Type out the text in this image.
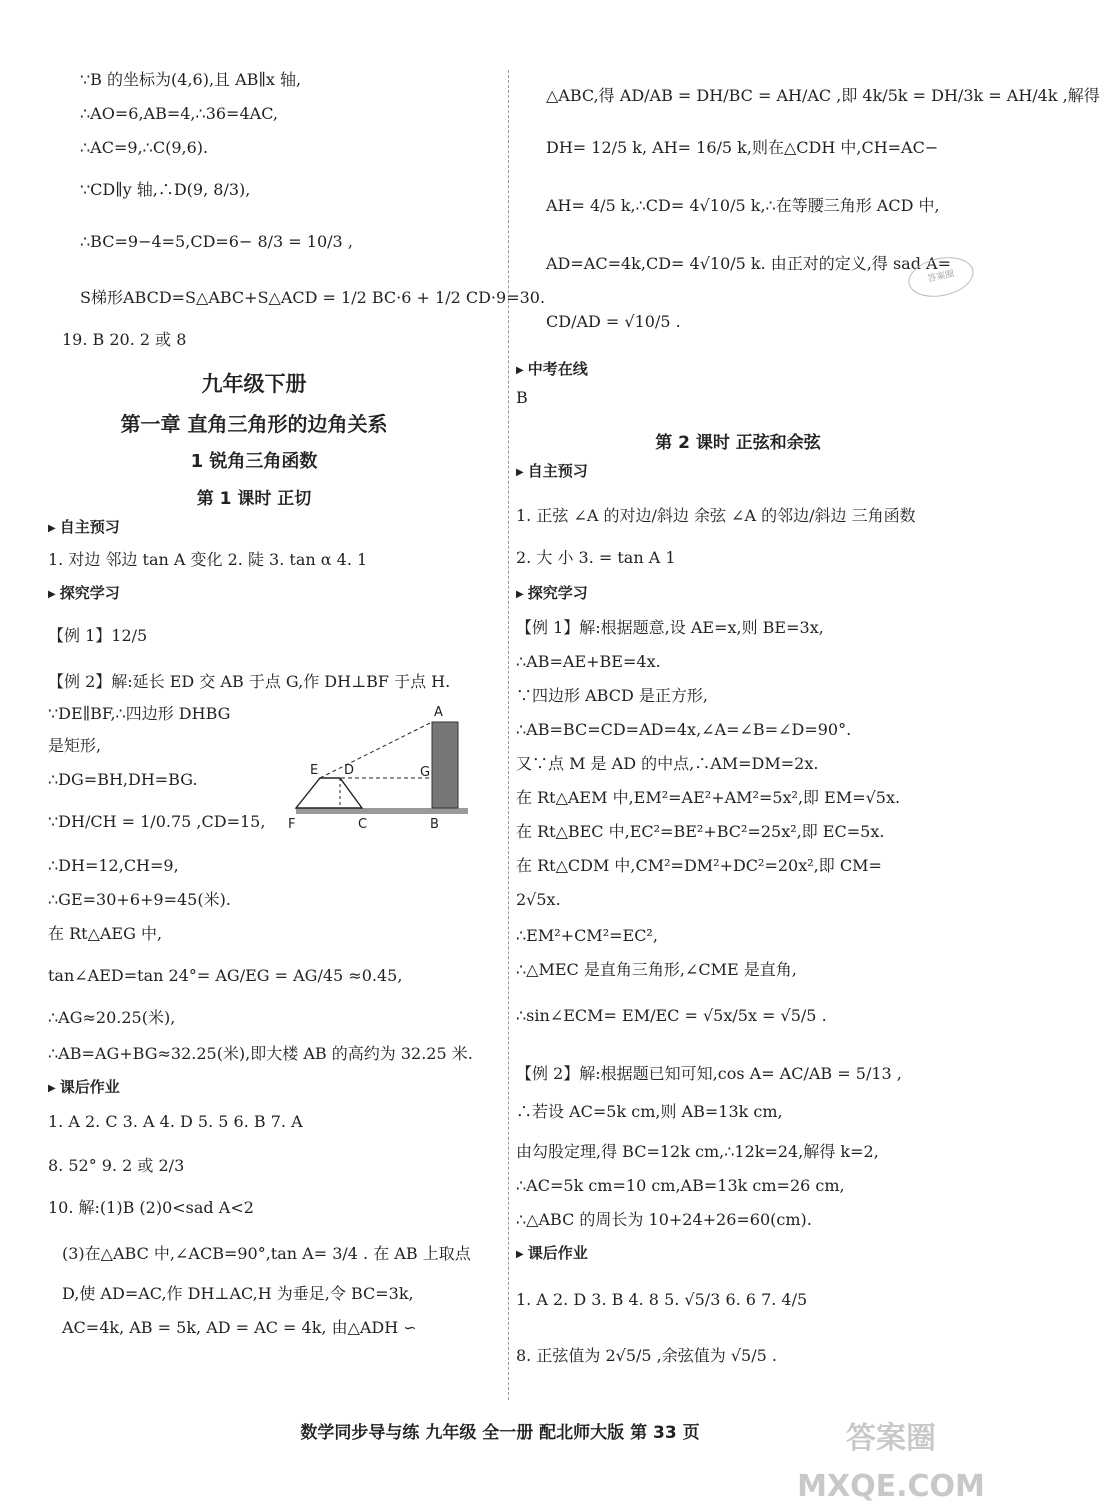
∵B 的坐标为(4,6),且 AB∥x 轴,
∴AO=6,AB=4,∴36=4AC,
∴AC=9,∴C(9,6).
∵CD∥y 轴,∴D(9, 8/3),
∴BC=9−4=5,CD=6− 8/3 = 10/3 ,
S梯形ABCD=S△ABC+S△ACD = 1/2 BC·6 + 1/2 CD·9=30.
19. B 20. 2 或 8
九年级下册
第一章 直角三角形的边角关系
1 锐角三角函数
第 1 课时 正切
▶ 自主预习
1. 对边 邻边 tan A 变化 2. 陡 3. tan α 4. 1
▶ 探究学习
【例 1】12/5
【例 2】解:延长 ED 交 AB 于点 G,作 DH⊥BF 于点 H.
∵DE∥BF,∴四边形 DHBG
是矩形,
∴DG=BH,DH=BG.
∵DH/CH = 1/0.75 ,CD=15,
∴DH=12,CH=9,
∴GE=30+6+9=45(米).
在 Rt△AEG 中,
tan∠AED=tan 24°= AG/EG = AG/45 ≈0.45,
∴AG≈20.25(米),
∴AB=AG+BG≈32.25(米),即大楼 AB 的高约为 32.25 米.
▶ 课后作业
1. A 2. C 3. A 4. D 5. 5 6. B 7. A
8. 52° 9. 2 或 2/3
10. 解:(1)B (2)0<sad A<2
(3)在△ABC 中,∠ACB=90°,tan A= 3/4 . 在 AB 上取点
D,使 AD=AC,作 DH⊥AC,H 为垂足,令 BC=3k,
AC=4k, AB = 5k, AD = AC = 4k, 由△ADH ∽
A
E D	G
F	C	B
△ABC,得 AD/AB = DH/BC = AH/AC ,即 4k/5k = DH/3k = AH/4k ,解得
DH= 12/5 k, AH= 16/5 k,则在△CDH 中,CH=AC−
AH= 4/5 k,∴CD= 4√10/5 k,∴在等腰三角形 ACD 中,
AD=AC=4k,CD= 4√10/5 k. 由正对的定义,得 sad A=
CD/AD = √10/5 .
答案圈
▶ 中考在线
B
第 2 课时 正弦和余弦
▶ 自主预习
1. 正弦 ∠A 的对边/斜边 余弦 ∠A 的邻边/斜边 三角函数
2. 大 小 3. = tan A 1
▶ 探究学习
【例 1】解:根据题意,设 AE=x,则 BE=3x,
∴AB=AE+BE=4x.
∵四边形 ABCD 是正方形,
∴AB=BC=CD=AD=4x,∠A=∠B=∠D=90°.
又∵点 M 是 AD 的中点,∴AM=DM=2x.
在 Rt△AEM 中,EM²=AE²+AM²=5x²,即 EM=√5x.
在 Rt△BEC 中,EC²=BE²+BC²=25x²,即 EC=5x.
在 Rt△CDM 中,CM²=DM²+DC²=20x²,即 CM=
2√5x.
∴EM²+CM²=EC²,
∴△MEC 是直角三角形,∠CME 是直角,
∴sin∠ECM= EM/EC = √5x/5x = √5/5 .
【例 2】解:根据题已知可知,cos A= AC/AB = 5/13 ,
∴若设 AC=5k cm,则 AB=13k cm,
由勾股定理,得 BC=12k cm,∴12k=24,解得 k=2,
∴AC=5k cm=10 cm,AB=13k cm=26 cm,
∴△ABC 的周长为 10+24+26=60(cm).
▶ 课后作业
1. A 2. D 3. B 4. 8 5. √5/3 6. 6 7. 4/5
8. 正弦值为 2√5/5 ,余弦值为 √5/5 .
数学同步导与练 九年级 全一册 配北师大版 第 33 页	答案圈 MXQE.COM
